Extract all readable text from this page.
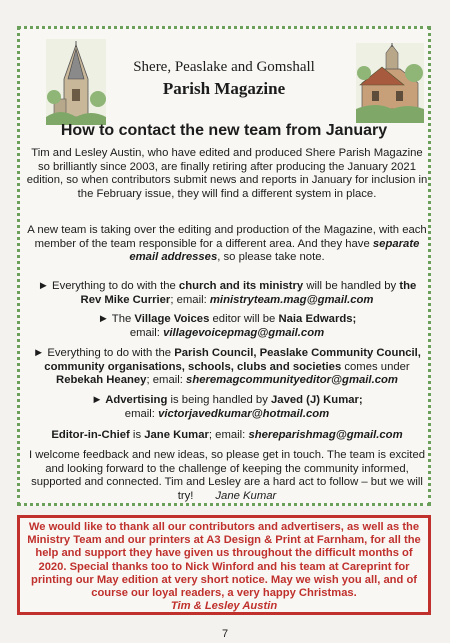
Shere, Peaslake and Gomshall
Parish Magazine
How to contact the new team from January

Tim and Lesley Austin, who have edited and produced Shere Parish Magazine so brilliantly since 2003, are finally retiring after producing the January 2021 edition, so when contributors submit news and reports in January for inclusion in the February issue, they will find a different system in place.

A new team is taking over the editing and production of the Magazine, with each member of the team responsible for a different area. And they have separate email addresses, so please take note.

► Everything to do with the church and its ministry will be handled by the Rev Mike Currier; email: ministryteam.mag@gmail.com

► The Village Voices editor will be Naia Edwards;
email: villagevoicepmag@gmail.com

► Everything to do with the Parish Council, Peaslake Community Council, community organisations, schools, clubs and societies comes under Rebekah Heaney; email: sheremagcommunityeditor@gmail.com

► Advertising is being handled by Javed (J) Kumar;
email: victorjavedkumar@hotmail.com

Editor-in-Chief is Jane Kumar; email: shereparishmag@gmail.com

I welcome feedback and new ideas, so please get in touch. The team is excited and looking forward to the challenge of keeping the community informed, supported and connected. Tim and Lesley are a hard act to follow – but we will try! Jane Kumar

We would like to thank all our contributors and advertisers, as well as the Ministry Team and our printers at A3 Design & Print at Farnham, for all the help and support they have given us throughout the difficult months of 2020. Special thanks too to Nick Winford and his team at Careprint for printing our May edition at very short notice. May we wish you all, and of course our loyal readers, a very happy Christmas.
Tim & Lesley Austin
7
